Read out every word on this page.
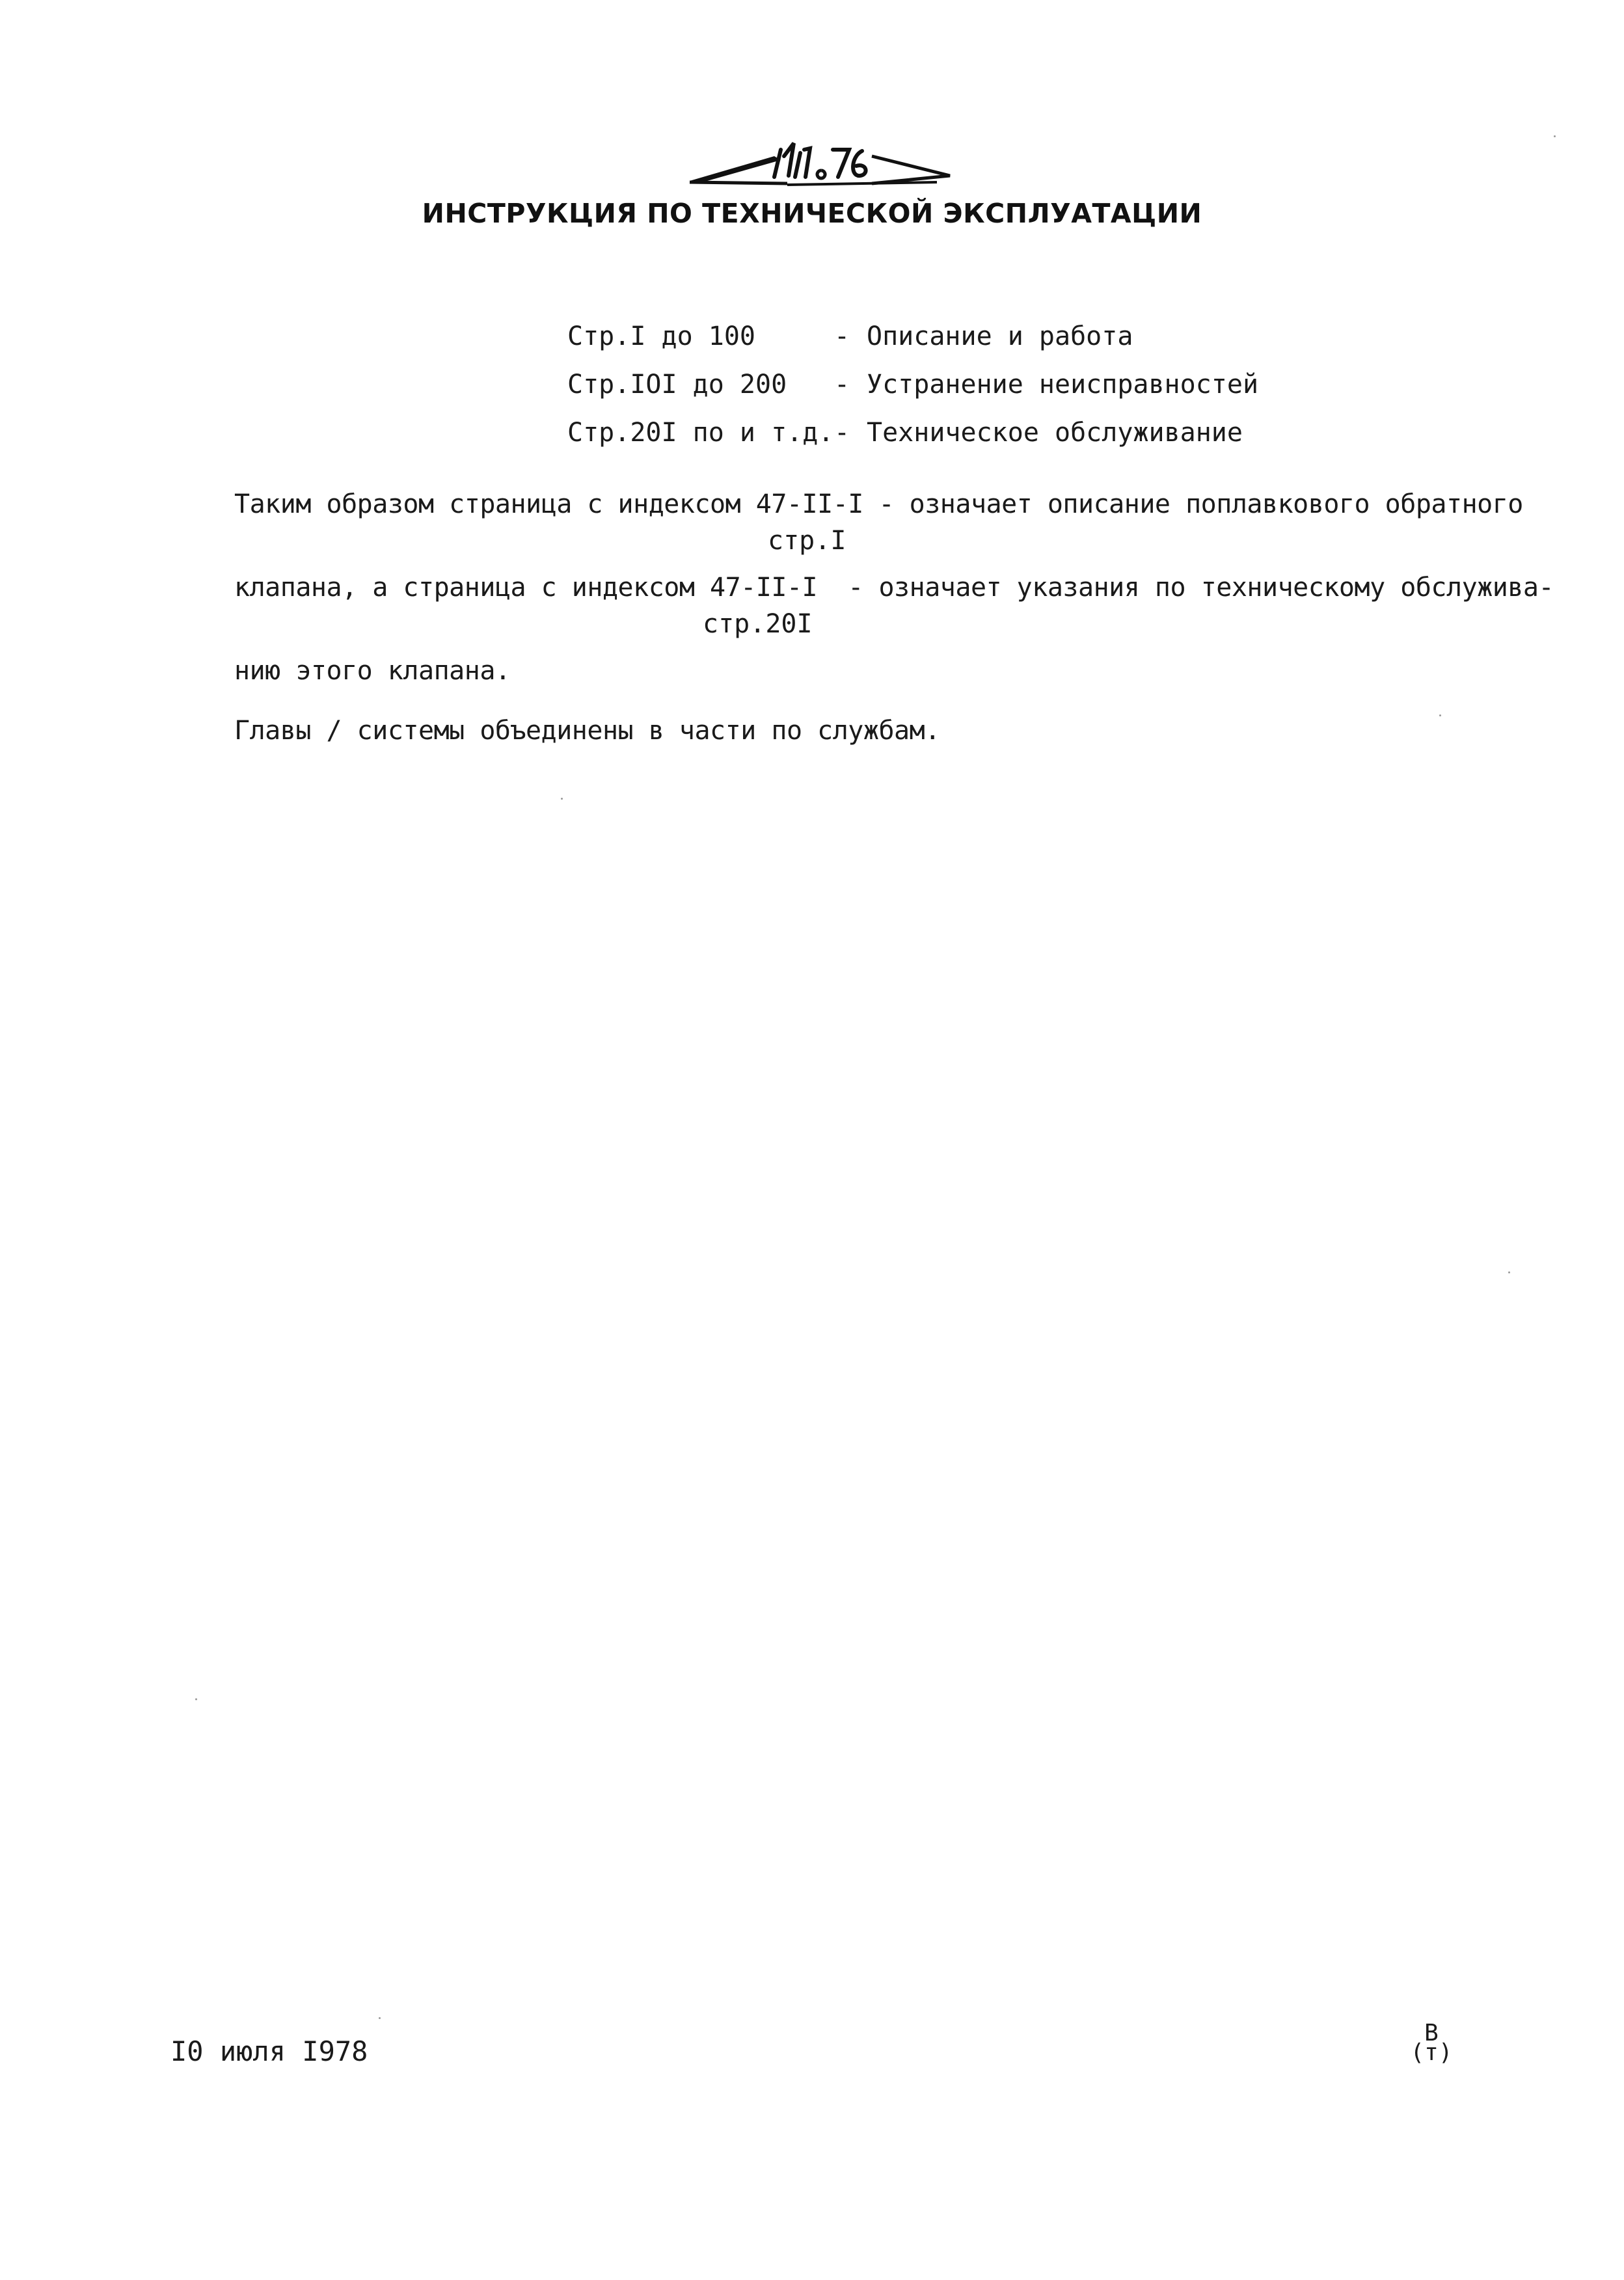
ИНСТРУКЦИЯ ПО ТЕХНИЧЕСКОЙ ЭКСПЛУАТАЦИИ
Стр.I до 100	- Описание и работа
Стр.IOI до 200 - Устранение неисправностей
Стр.20I по и т.д. - Техническое обслуживание
Таким образом страница с индексом 47-II-I - означает описание поплавкового обратного
стр.I
клапана, а страница с индексом 47-II-I  - означает указания по техническому обслужива-
стр.20I
нию этого клапана.
Главы / системы объединены в части по службам.
I0 июля I978
В
(т)
